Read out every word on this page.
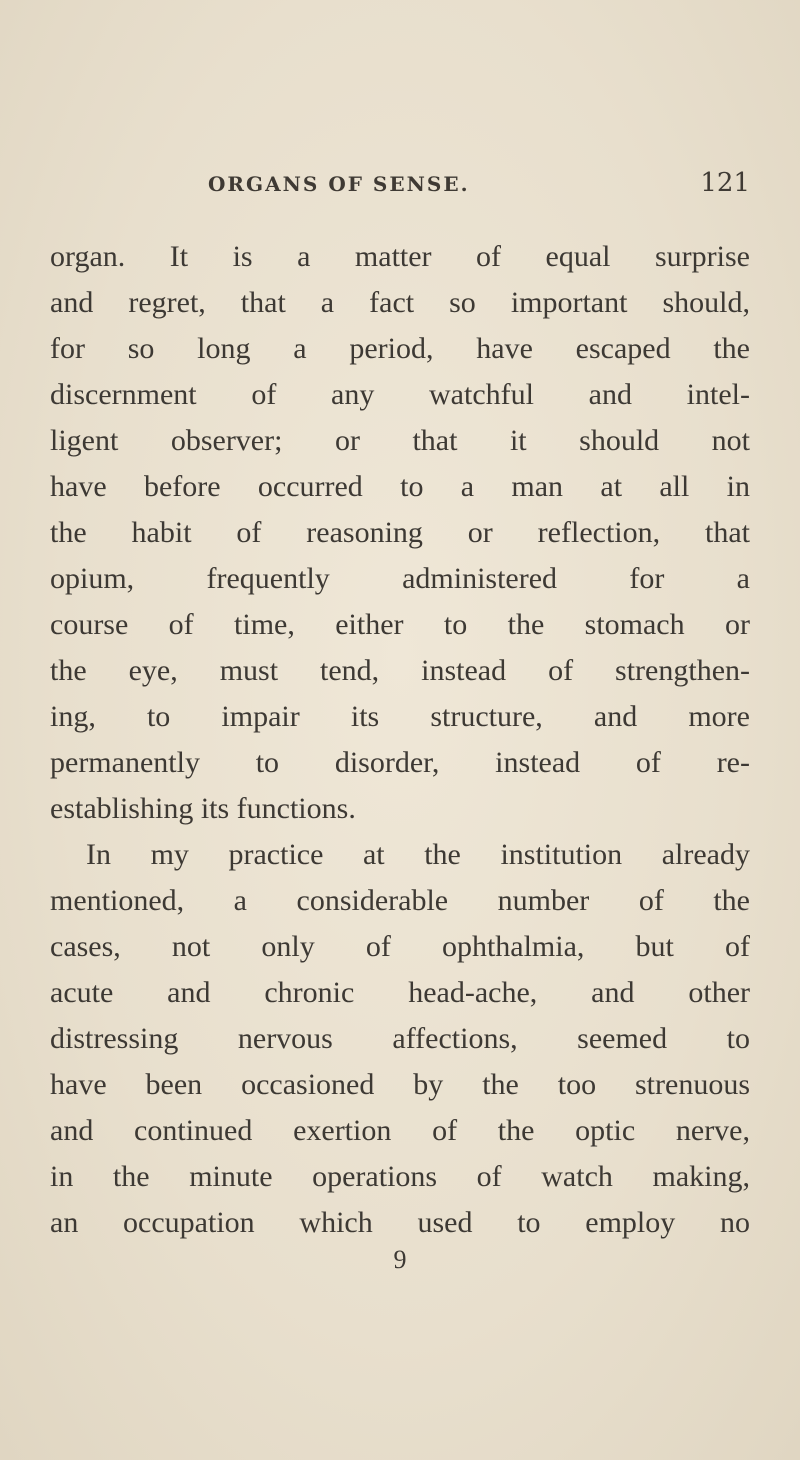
ORGANS OF SENSE.	121
organ. It is a matter of equal surprise
and regret, that a fact so important should,
for so long a period, have escaped the
discernment of any watchful and intel-
ligent observer; or that it should not
have before occurred to a man at all in
the habit of reasoning or reflection, that
opium, frequently administered for a
course of time, either to the stomach or
the eye, must tend, instead of strengthen-
ing, to impair its structure, and more
permanently to disorder, instead of re-
establishing its functions.
In my practice at the institution already
mentioned, a considerable number of the
cases, not only of ophthalmia, but of
acute and chronic head-ache, and other
distressing nervous affections, seemed to
have been occasioned by the too strenuous
and continued exertion of the optic nerve,
in the minute operations of watch making,
an occupation which used to employ no
9
